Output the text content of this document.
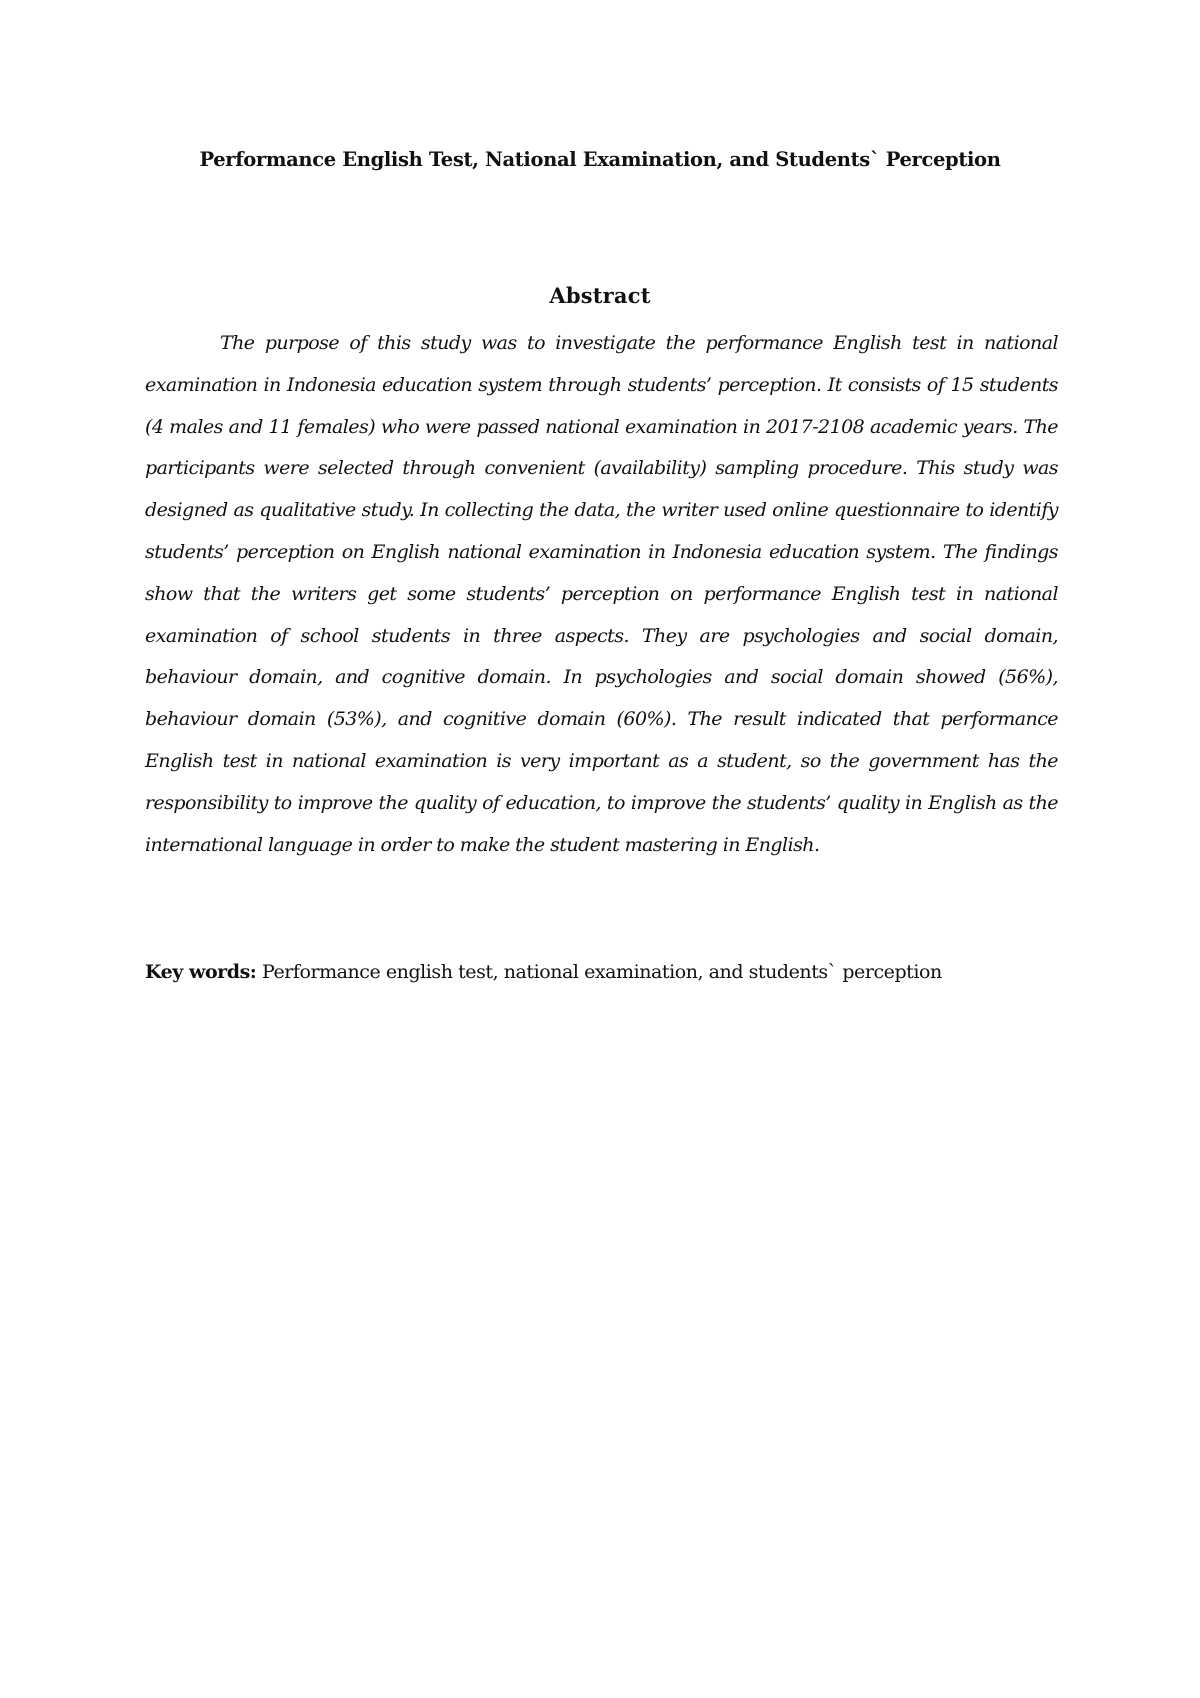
Performance English Test, National Examination, and Students` Perception
Abstract

The purpose of this study was to investigate the performance English test in national examination in Indonesia education system through students’ perception. It consists of 15 students (4 males and 11 females) who were passed national examination in 2017-2108 academic years. The participants were selected through convenient (availability) sampling procedure. This study was designed as qualitative study. In collecting the data, the writer used online questionnaire to identify students’ perception on English national examination in Indonesia education system. The findings show that the writers get some students’ perception on performance English test in national examination of school students in three aspects. They are psychologies and social domain, behaviour domain, and cognitive domain. In psychologies and social domain showed (56%), behaviour domain (53%), and cognitive domain (60%). The result indicated that performance English test in national examination is very important as a student, so the government has the responsibility to improve the quality of education, to improve the students’ quality in English as the international language in order to make the student mastering in English.

Key words: Performance english test, national examination, and students` perception
